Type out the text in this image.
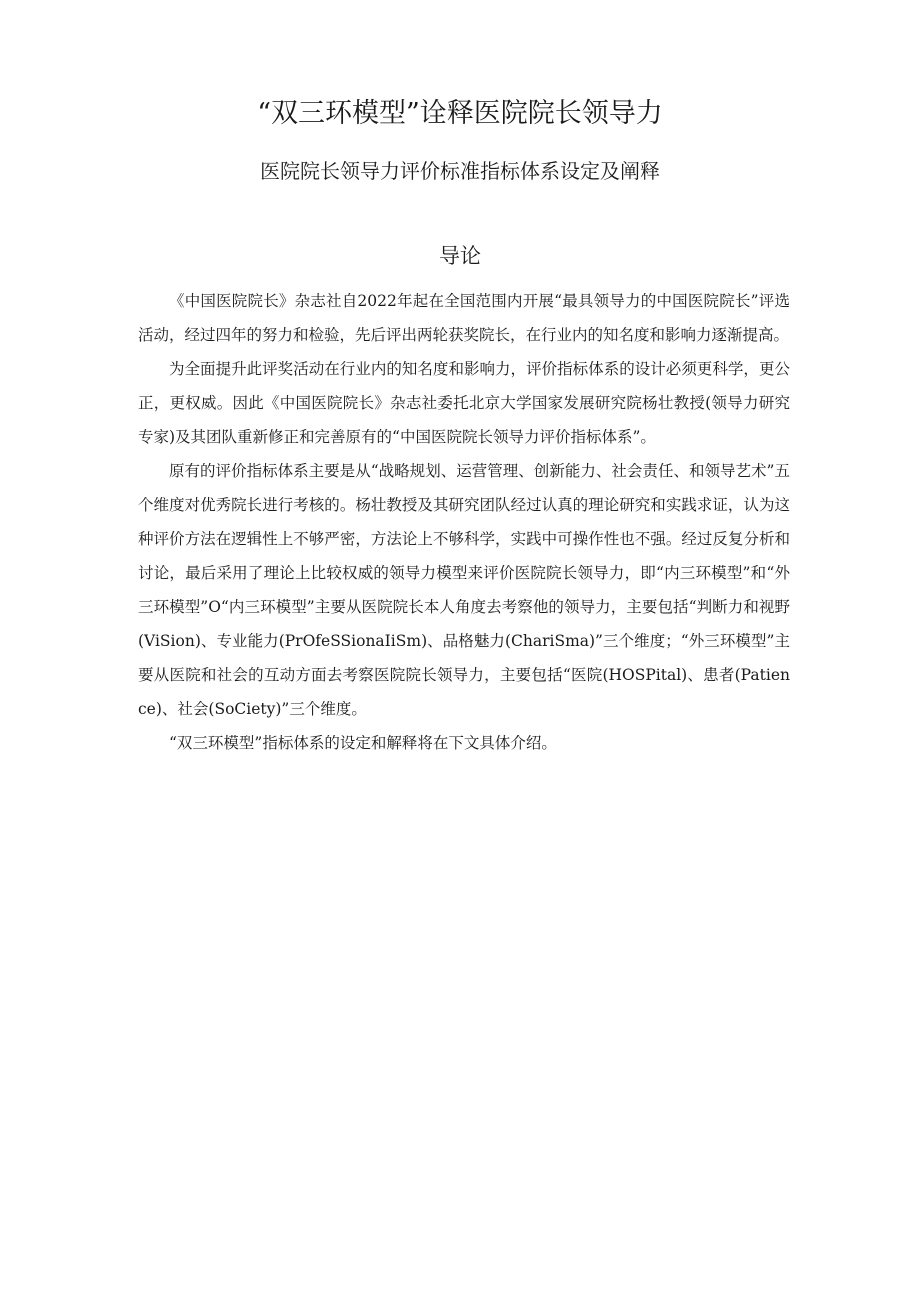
“双三环模型”诠释医院院长领导力
医院院长领导力评价标准指标体系设定及阐释
导论

《中国医院院长》杂志社自2022年起在全国范围内开展“最具领导力的中国医院院长”评选活动，经过四年的努力和检验，先后评出两轮获奖院长，在行业内的知名度和影响力逐渐提高。

为全面提升此评奖活动在行业内的知名度和影响力，评价指标体系的设计必须更科学，更公正，更权威。因此《中国医院院长》杂志社委托北京大学国家发展研究院杨壮教授(领导力研究专家)及其团队重新修正和完善原有的“中国医院院长领导力评价指标体系”。

原有的评价指标体系主要是从“战略规划、运营管理、创新能力、社会责任、和领导艺术”五个维度对优秀院长进行考核的。杨壮教授及其研究团队经过认真的理论研究和实践求证，认为这种评价方法在逻辑性上不够严密，方法论上不够科学，实践中可操作性也不强。经过反复分析和讨论，最后采用了理论上比较权威的领导力模型来评价医院院长领导力，即“内三环模型”和“外三环模型”O“内三环模型”主要从医院院长本人角度去考察他的领导力，主要包括“判断力和视野(ViSion)、专业能力(PrOfeSSionaIiSm)、品格魅力(ChariSma)”三个维度；“外三环模型”主要从医院和社会的互动方面去考察医院院长领导力，主要包括“医院(HOSPital)、患者(Patience)、社会(SoCiety)”三个维度。

“双三环模型”指标体系的设定和解释将在下文具体介绍。
